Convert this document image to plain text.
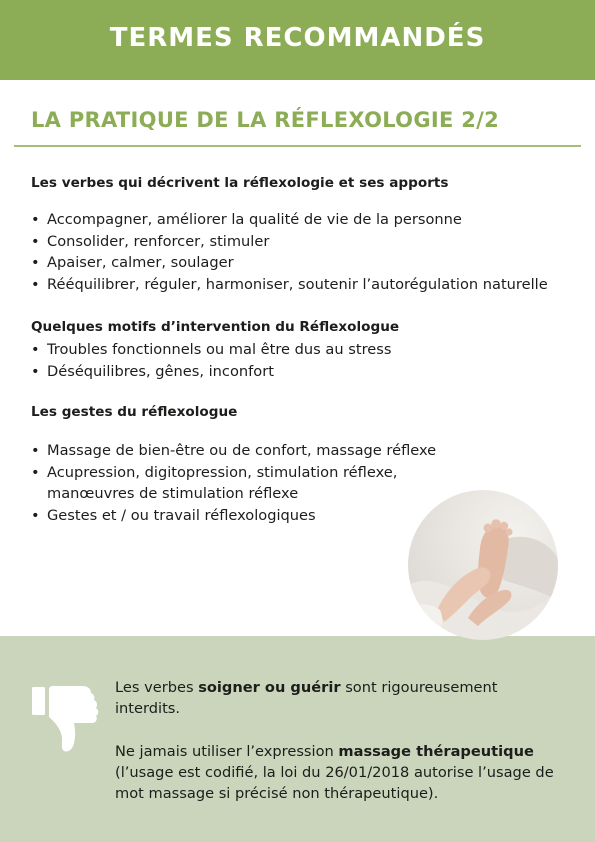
TERMES RECOMMANDÉS
LA PRATIQUE DE LA RÉFLEXOLOGIE 2/2
Les verbes qui décrivent la réflexologie et ses apports
• Accompagner, améliorer la qualité de vie de la personne
• Consolider, renforcer, stimuler
• Apaiser, calmer, soulager
• Rééquilibrer, réguler, harmoniser, soutenir l’autorégulation naturelle
Quelques motifs d’intervention du Réflexologue
• Troubles fonctionnels ou mal être dus au stress
• Déséquilibres, gênes, inconfort
Les gestes du réflexologue
• Massage de bien-être ou de confort, massage réflexe
• Acupression, digitopression, stimulation réflexe,
manœuvres de stimulation réflexe
• Gestes et / ou travail réflexologiques
Les verbes soigner ou guérir sont rigoureusement
interdits.
Ne jamais utiliser l’expression massage thérapeutique
(l’usage est codifié, la loi du 26/01/2018 autorise l’usage de
mot massage si précisé non thérapeutique).
